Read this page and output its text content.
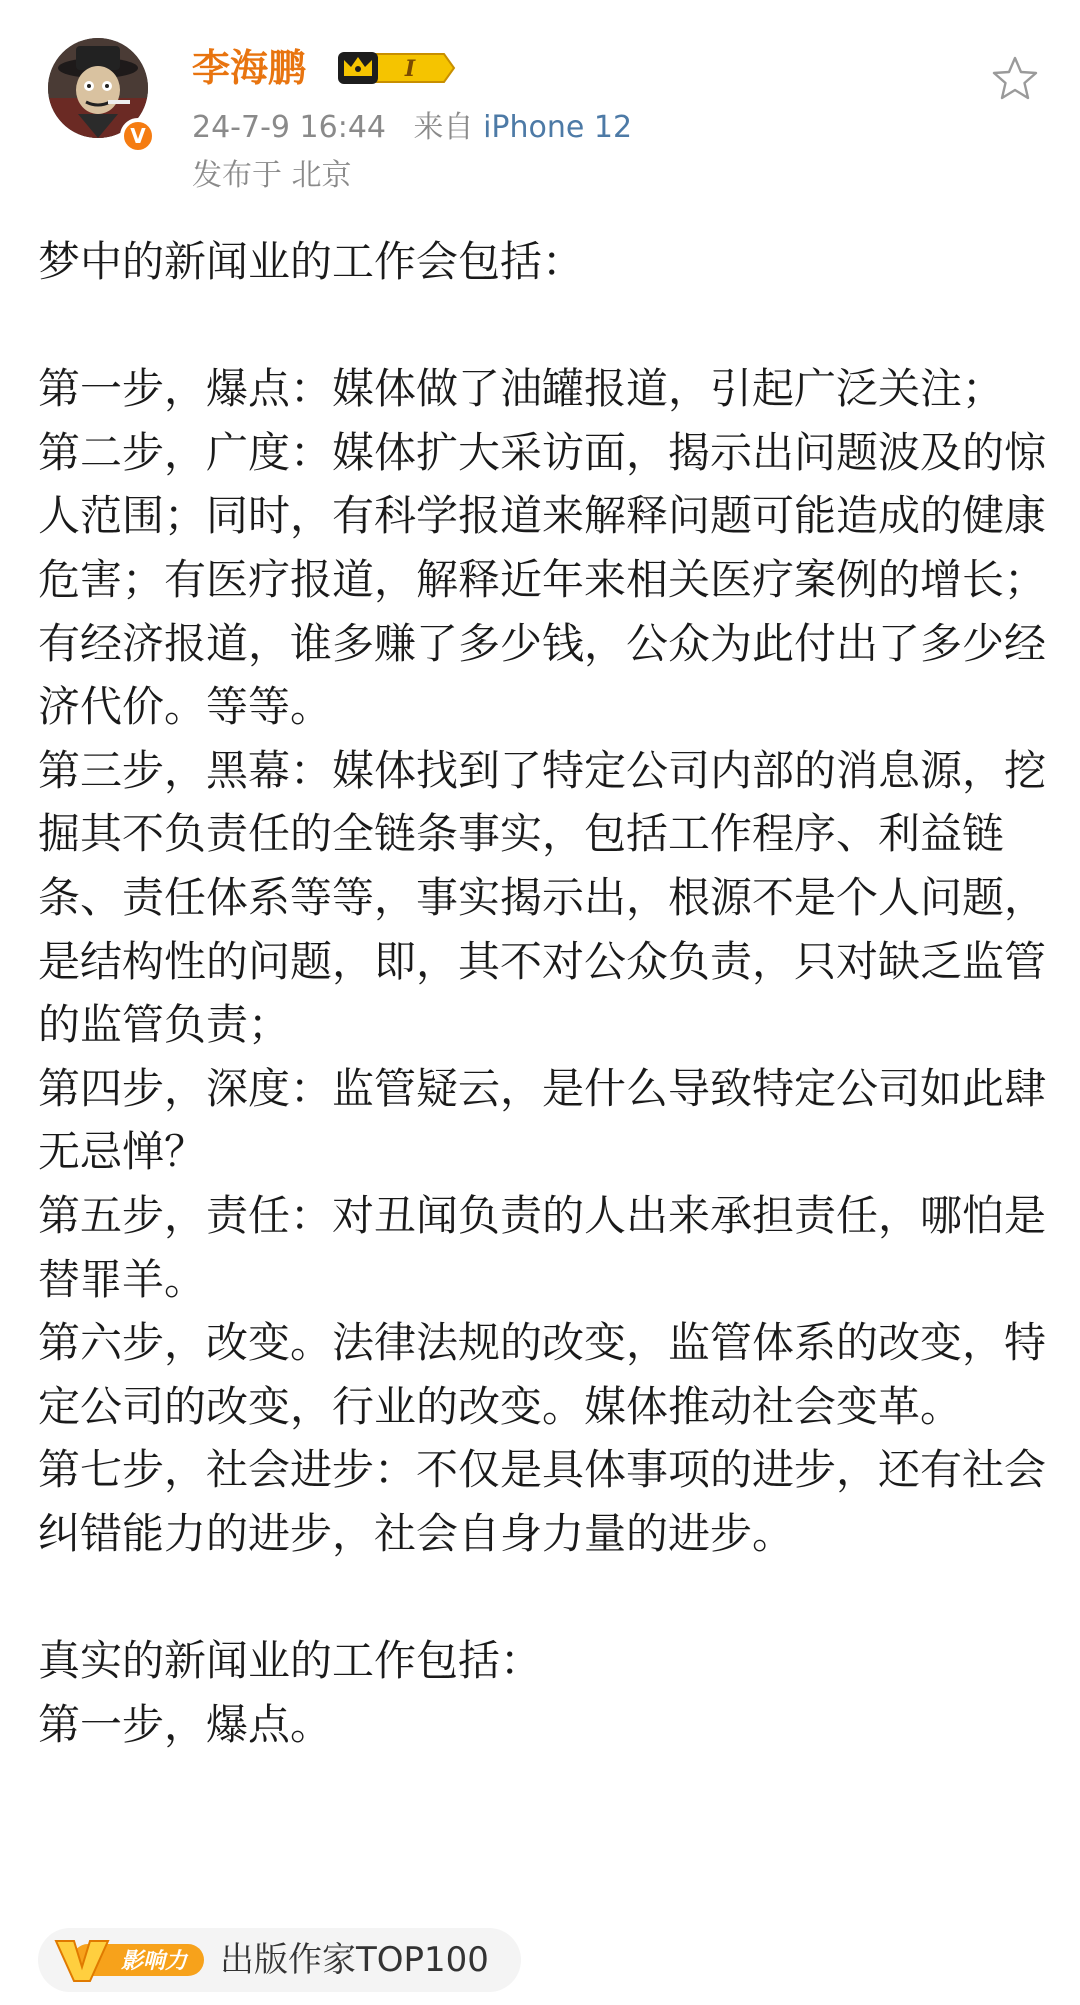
V
李海鹏	I
24-7-9 16:44 来自 iPhone 12
发布于 北京

梦中的新闻业的工作会包括：

第一步，爆点：媒体做了油罐报道，引起广泛关注；

第二步，广度：媒体扩大采访面，揭示出问题波及的惊人范围；同时，有科学报道来解释问题可能造成的健康危害；有医疗报道，解释近年来相关医疗案例的增长；有经济报道，谁多赚了多少钱，公众为此付出了多少经济代价。等等。

第三步，黑幕：媒体找到了特定公司内部的消息源，挖掘其不负责任的全链条事实，包括工作程序、利益链条、责任体系等等，事实揭示出，根源不是个人问题，是结构性的问题，即，其不对公众负责，只对缺乏监管的监管负责；

第四步，深度：监管疑云，是什么导致特定公司如此肆无忌惮？

第五步，责任：对丑闻负责的人出来承担责任，哪怕是替罪羊。

第六步，改变。法律法规的改变，监管体系的改变，特定公司的改变，行业的改变。媒体推动社会变革。

第七步，社会进步：不仅是具体事项的进步，还有社会纠错能力的进步，社会自身力量的进步。

真实的新闻业的工作包括：

第一步，爆点。

影响力 出版作家TOP100
